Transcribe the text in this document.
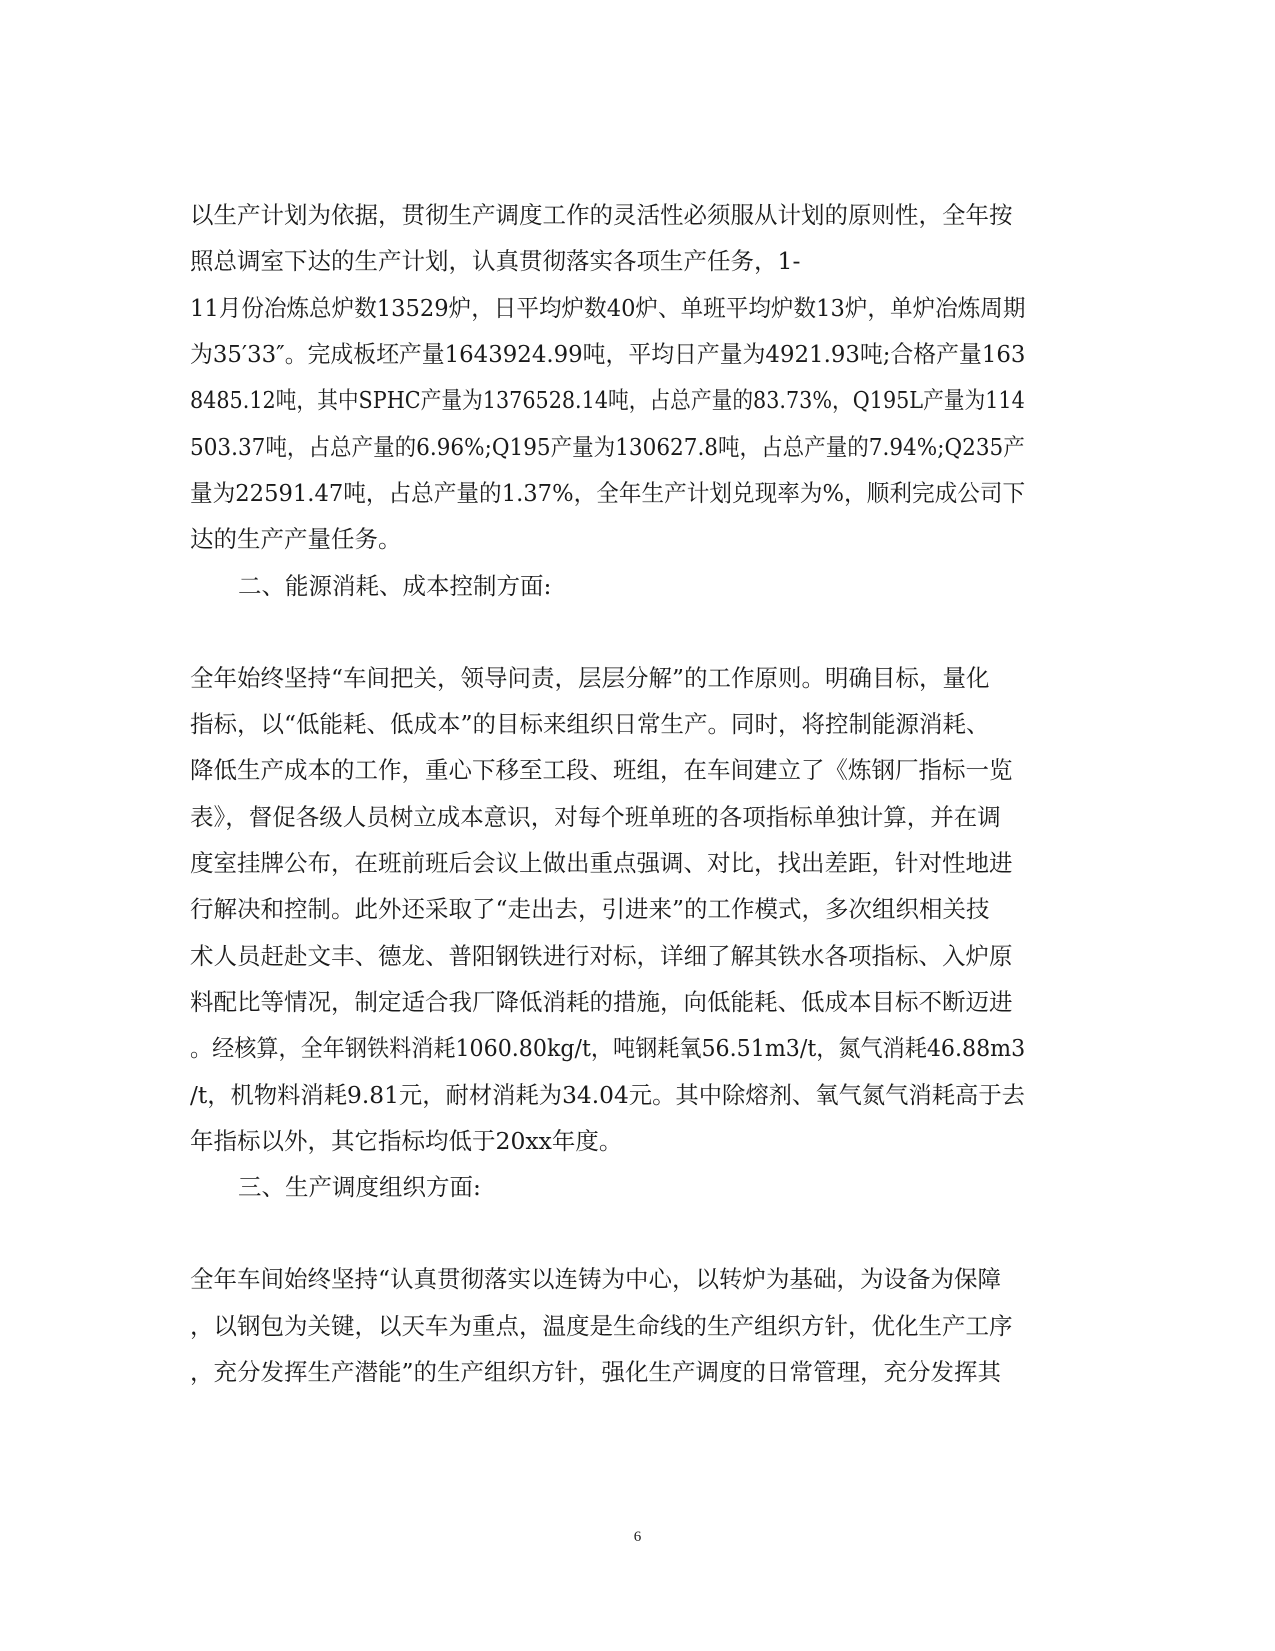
以生产计划为依据，贯彻生产调度工作的灵活性必须服从计划的原则性，全年按
照总调室下达的生产计划，认真贯彻落实各项生产任务，1-
11月份冶炼总炉数13529炉，日平均炉数40炉、单班平均炉数13炉，单炉冶炼周期
为35′33″。完成板坯产量1643924.99吨，平均日产量为4921.93吨;合格产量163
8485.12吨，其中SPHC产量为1376528.14吨，占总产量的83.73%，Q195L产量为114
503.37吨，占总产量的6.96%;Q195产量为130627.8吨，占总产量的7.94%;Q235产
量为22591.47吨，占总产量的1.37%，全年生产计划兑现率为%，顺利完成公司下
达的生产产量任务。
二、能源消耗、成本控制方面:
全年始终坚持“车间把关，领导问责，层层分解”的工作原则。明确目标，量化
指标，以“低能耗、低成本”的目标来组织日常生产。同时，将控制能源消耗、
降低生产成本的工作，重心下移至工段、班组，在车间建立了《炼钢厂指标一览
表》，督促各级人员树立成本意识，对每个班单班的各项指标单独计算，并在调
度室挂牌公布，在班前班后会议上做出重点强调、对比，找出差距，针对性地进
行解决和控制。此外还采取了“走出去，引进来”的工作模式，多次组织相关技
术人员赶赴文丰、德龙、普阳钢铁进行对标，详细了解其铁水各项指标、入炉原
料配比等情况，制定适合我厂降低消耗的措施，向低能耗、低成本目标不断迈进
。经核算，全年钢铁料消耗1060.80kg/t，吨钢耗氧56.51m3/t，氮气消耗46.88m3
/t，机物料消耗9.81元，耐材消耗为34.04元。其中除熔剂、氧气氮气消耗高于去
年指标以外，其它指标均低于20xx年度。
三、生产调度组织方面:
全年车间始终坚持“认真贯彻落实以连铸为中心，以转炉为基础，为设备为保障
，以钢包为关键，以天车为重点，温度是生命线的生产组织方针，优化生产工序
，充分发挥生产潜能”的生产组织方针，强化生产调度的日常管理，充分发挥其
6
